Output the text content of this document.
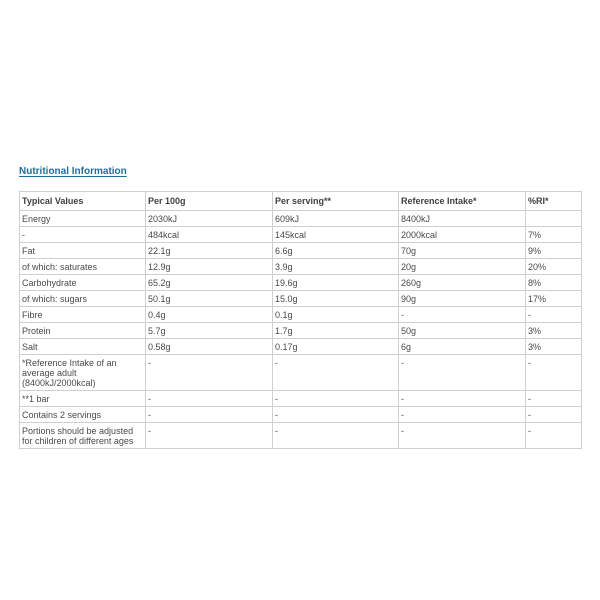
Nutritional Information
Typical Values	Per 100g	Per serving**	Reference Intake*	%RI*
Energy	2030kJ	609kJ	8400kJ	
-	484kcal	145kcal	2000kcal	7%
Fat	22.1g	6.6g	70g	9%
of which: saturates	12.9g	3.9g	20g	20%
Carbohydrate	65.2g	19.6g	260g	8%
of which: sugars	50.1g	15.0g	90g	17%
Fibre	0.4g	0.1g	-	-
Protein	5.7g	1.7g	50g	3%
Salt	0.58g	0.17g	6g	3%
*Reference Intake of an average adult (8400kJ/2000kcal)	-	-	-	-
**1 bar	-	-	-	-
Contains 2 servings	-	-	-	-
Portions should be adjusted for children of different ages	-	-	-	-
